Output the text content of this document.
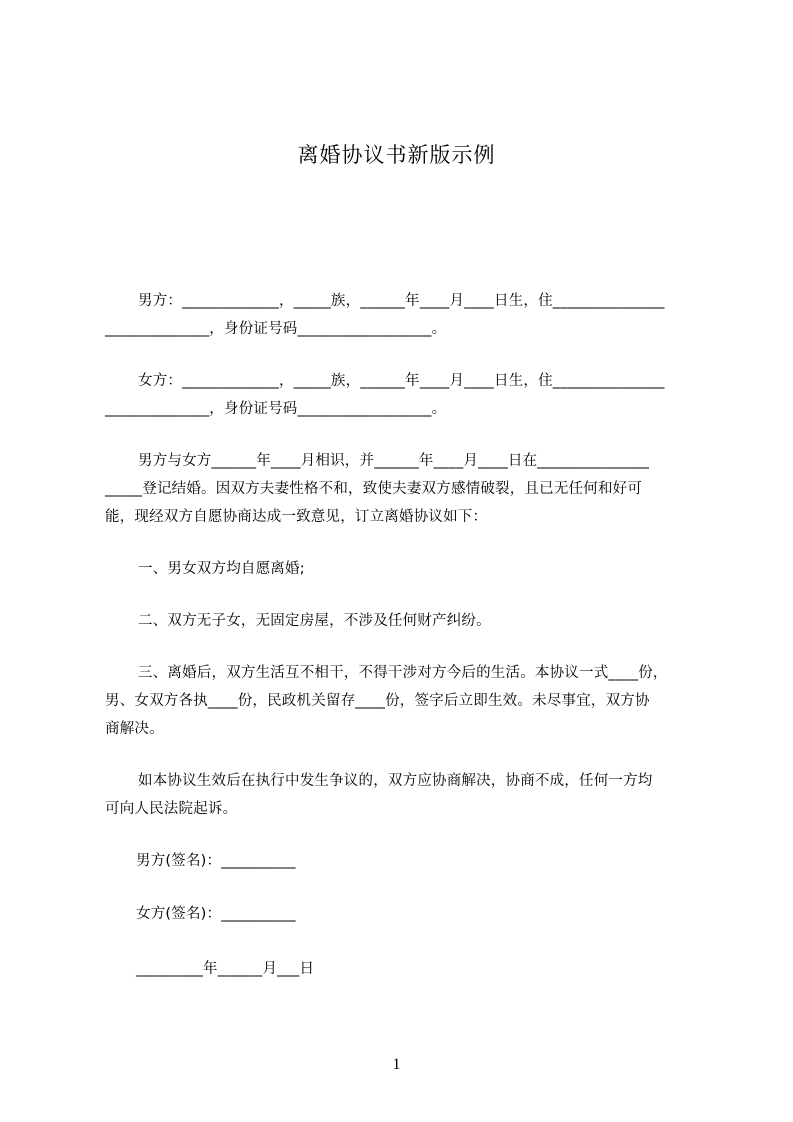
离婚协议书新版示例
男方：_____________，_____族，______年____月____日生，住_______________
______________，身份证号码__________________。
女方：_____________，_____族，______年____月____日生，住_______________
______________，身份证号码__________________。
男方与女方______年____月相识，并______年____月____日在_______________
_____登记结婚。因双方夫妻性格不和，致使夫妻双方感情破裂，且已无任何和好可
能，现经双方自愿协商达成一致意见，订立离婚协议如下：
一、男女双方均自愿离婚;
二、双方无子女，无固定房屋，不涉及任何财产纠纷。
三、离婚后，双方生活互不相干，不得干涉对方今后的生活。本协议一式____份，
男、女双方各执____份，民政机关留存____份，签字后立即生效。未尽事宜，双方协
商解决。
如本协议生效后在执行中发生争议的，双方应协商解决，协商不成，任何一方均
可向人民法院起诉。
男方(签名)：__________
女方(签名)：__________
_________年______月___日
1
